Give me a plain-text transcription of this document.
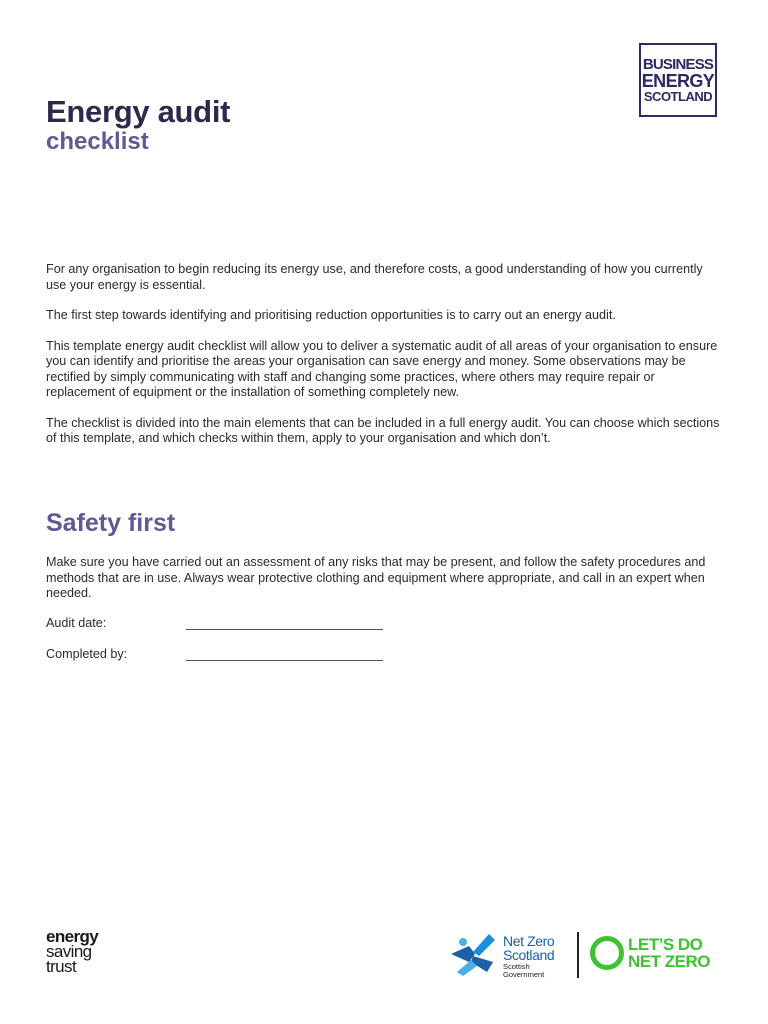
BUSINESS
ENERGY
SCOTLAND
Energy audit
checklist

For any organisation to begin reducing its energy use, and therefore costs, a good understanding of how you currently use your energy is essential.

The first step towards identifying and prioritising reduction opportunities is to carry out an energy audit.

This template energy audit checklist will allow you to deliver a systematic audit of all areas of your organisation to ensure you can identify and prioritise the areas your organisation can save energy and money. Some observations may be rectified by simply communicating with staff and changing some practices, where others may require repair or replacement of equipment or the installation of something completely new.

The checklist is divided into the main elements that can be included in a full energy audit. You can choose which sections of this template, and which checks within them, apply to your organisation and which don’t.

Safety first

Make sure you have carried out an assessment of any risks that may be present, and follow the safety procedures and methods that are in use. Always wear protective clothing and equipment where appropriate, and call in an expert when needed.

Audit date:
Completed by:
energy
saving
trust
Net Zero
Scotland
Scottish
Government
LET’S DO
NET ZERO
